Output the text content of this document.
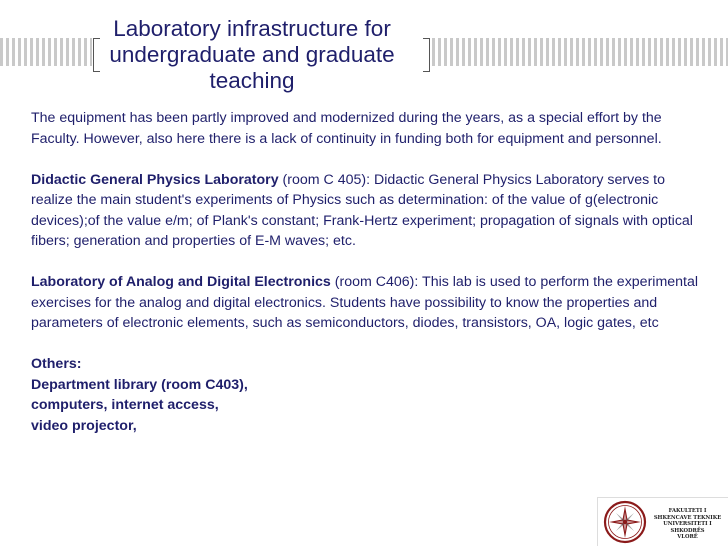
Laboratory infrastructure for undergraduate and graduate teaching

The equipment has been partly improved and modernized during the years, as a special effort by the Faculty. However, also here there is a lack of continuity in funding both for equipment and personnel.

Didactic General Physics Laboratory (room C 405): Didactic General Physics Laboratory serves to realize the main student's experiments of Physics such as determination: of the value of g(electronic devices);of the value e/m; of Plank's constant; Frank-Hertz experiment; propagation of signals with optical fibers; generation and properties of E-M waves; etc.

Laboratory of Analog and Digital Electronics (room C406): This lab is used to perform the experimental exercises for the analog and digital electronics. Students have possibility to know the properties and parameters of electronic elements, such as semiconductors, diodes, transistors, OA, logic gates, etc

Others:
Department library (room C403),
computers, internet access,
video projector,
FAKULTETI I
SHKENCAVE TEKNIKE
UNIVERSITETI I SHKODRËS
VLORË
